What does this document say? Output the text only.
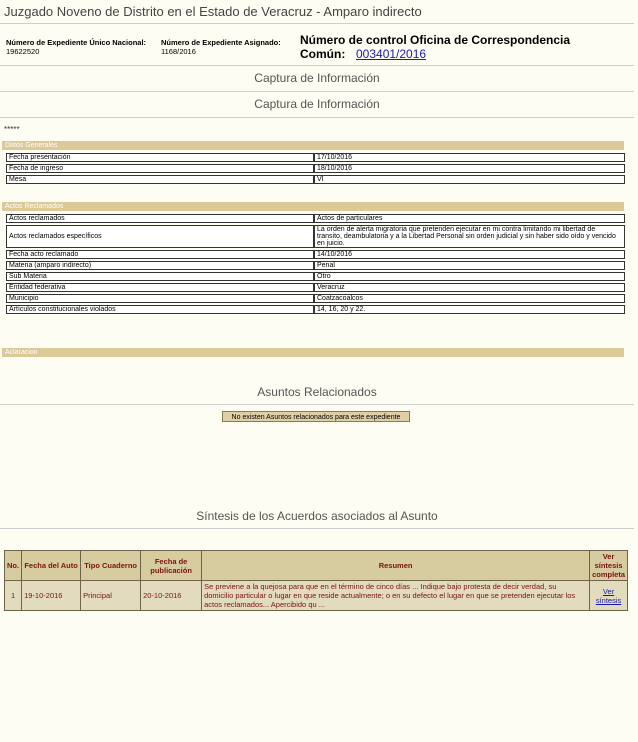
Juzgado Noveno de Distrito en el Estado de Veracruz - Amparo indirecto
Número de Expediente Único Nacional:
19622520
Número de Expediente Asignado:
1168/2016
Número de control Oficina de Correspondencia
Común: 003401/2016
Captura de Información
Captura de Información
*****
Datos Generales
Fecha presentación	17/10/2016
Fecha de ingreso	18/10/2016
Mesa	VI
Actos Reclamados
Actos reclamados	Actos de particulares
Actos reclamados específicos	La orden de alerta migratoria que pretenden ejecutar en mi contra limitando mi libertad de transito, deambulatoria y a la Libertad Personal sin orden judicial y sin haber sido oído y vencido en juicio.
Fecha acto reclamado	14/10/2016
Materia (amparo indirecto)	Penal
Sub Materia	Otro
Entidad federativa	Veracruz
Municipio	Coatzacoalcos
Artículos constitucionales violados	14, 16, 20 y 22.
Aclaracion
Asuntos Relacionados
No existen Asuntos relacionados para este expediente
Síntesis de los Acuerdos asociados al Asunto
No.	Fecha del Auto	Tipo Cuaderno	Fecha de publicación	Resumen	Ver síntesis completa
1	19-10-2016	Principal	20-10-2016	Se previene a la quejosa para que en el término de cinco días ... Indique bajo protesta de decir verdad, su domicilio particular o lugar en que reside actualmente; o en su defecto el lugar en que se pretenden ejecutar los actos reclamados... Apercibido qu ...	Ver síntesis
